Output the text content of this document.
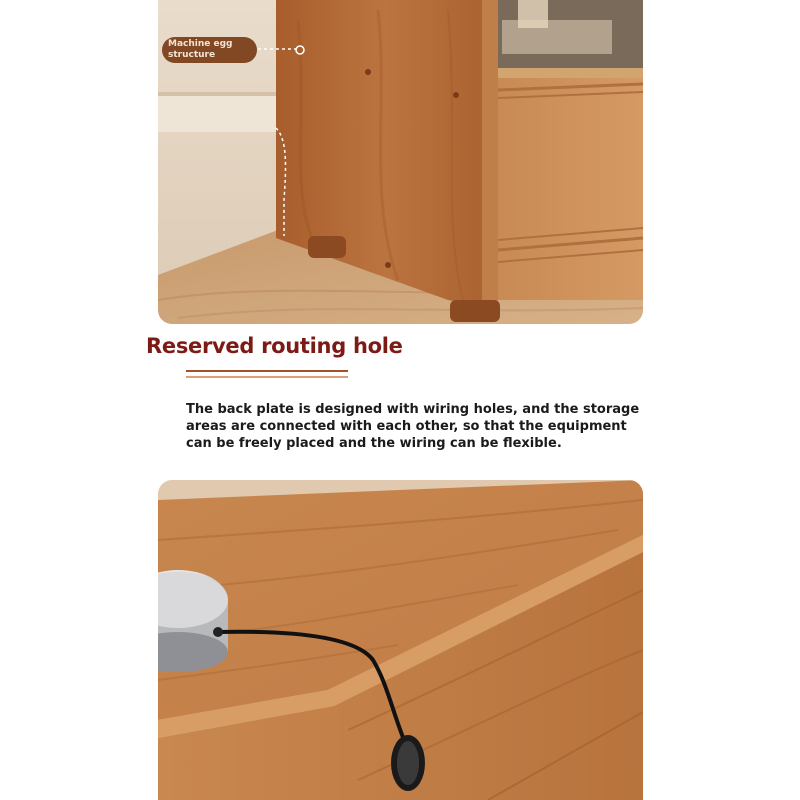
Machine egg
structure
Reserved routing hole
The back plate is designed with wiring holes, and the storage
areas are connected with each other, so that the equipment
can be freely placed and the wiring can be flexible.
